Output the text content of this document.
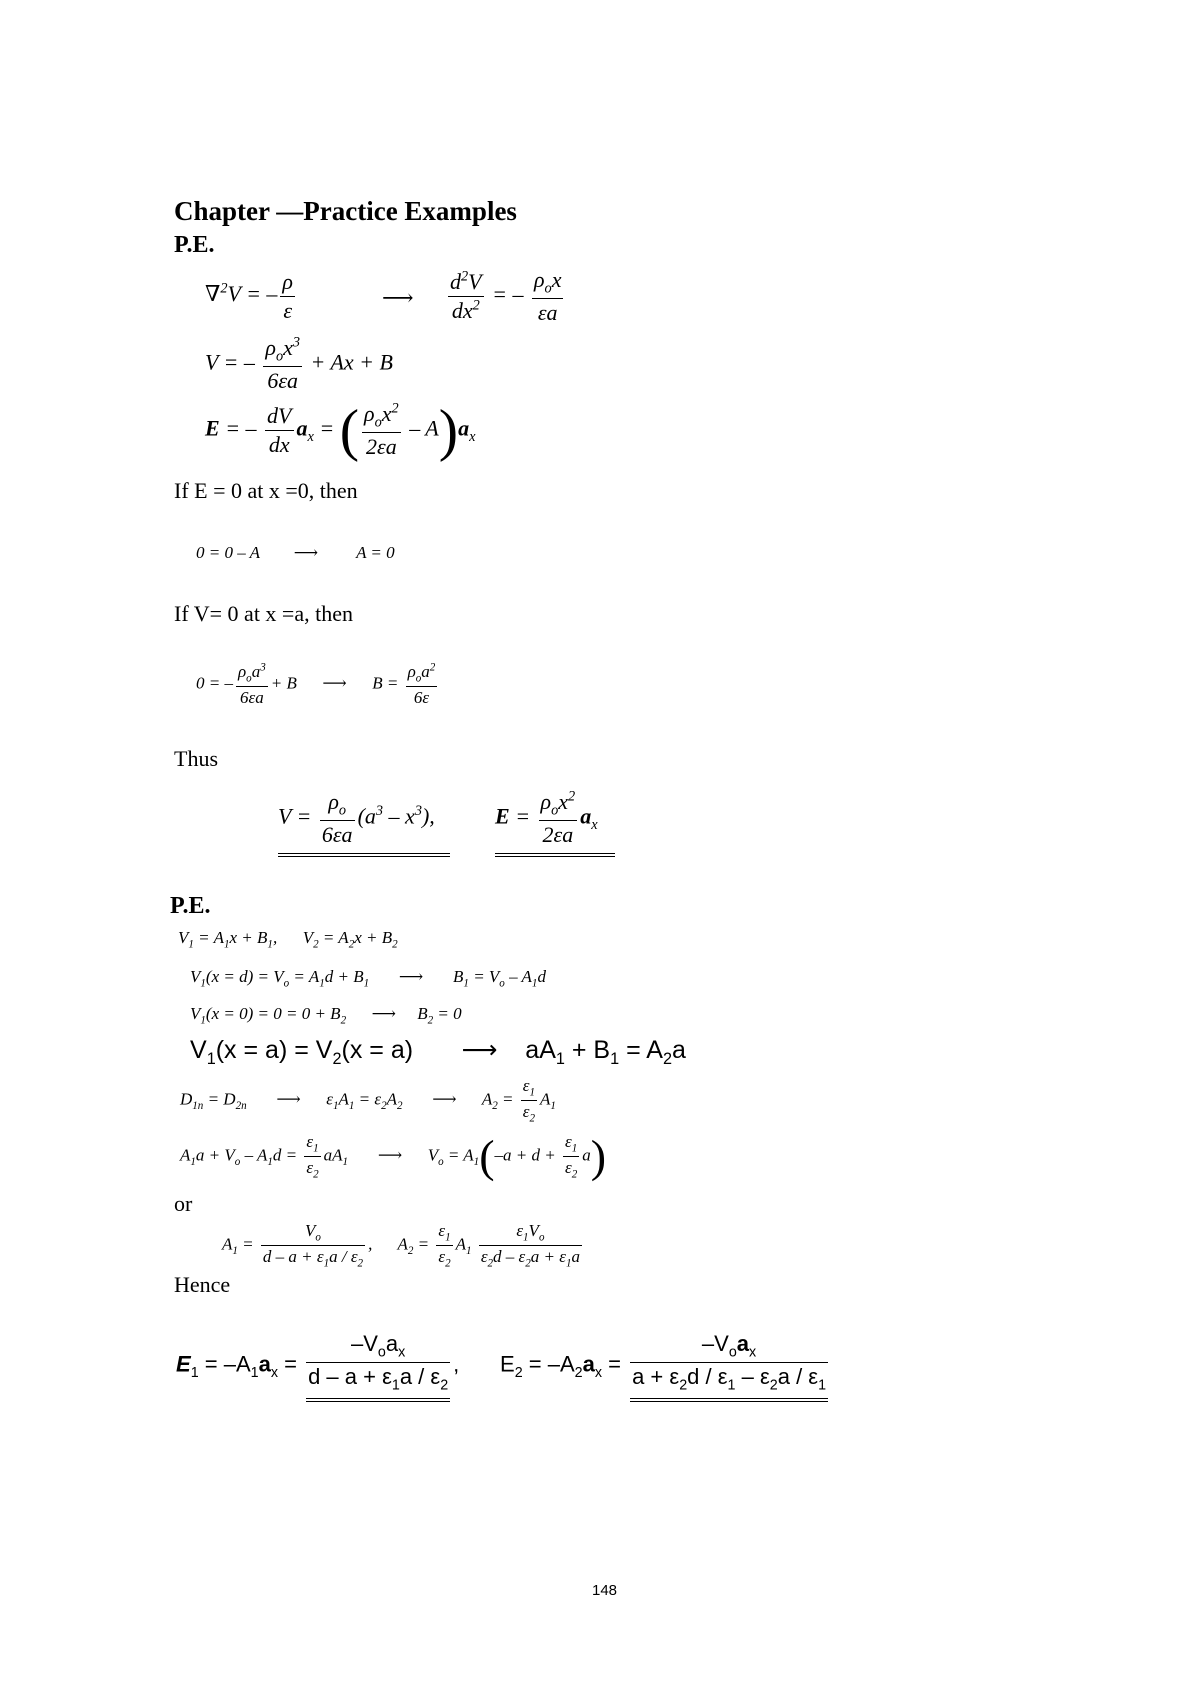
Chapter —Practice Examples
P.E.
∇$^2$V = – $\frac{\rho}{\varepsilon}$	⟶ $\frac{d^2V}{dx^2}$ = –
$\rho_ox$
εa
V = –
$\rho_ox^3$
6εa
+ Ax + B
E = – $\frac{dV}{dx} a_x$ = ( $\rho_ox^2$
2εa
– $A)a_x$
If E = 0 at x =0, then
0 = 0 – A        ⟶         A = 0
If V= 0 at x =a, then
0 = –
$\rho_oa^3$
6εa
+ B      ⟶      B =
$\rho_oa^2$
6ε
Thus
$V = \frac{\rho_o}{6\varepsilon a} (a^3 - x^3)$,	E =
$\rho_ox^2$
2εa
$a_x$
P.E.
$V_1 = A_1x + B_1$,      $V_2 = A_2x + B_2$
$V_1(x = d) = V_o = A_1d + B_1$ ⟶       $B_1 = V_o - A_1d$
$V_1(x = 0) = 0 = 0 + B_2$ ⟶     $B_2 = 0$
$V_1(x = a) = V_2(x = a)$       ⟶    $aA_1 + B_1 = A_2a$
$D_{1n} = D_{2n}$ ⟶      $\varepsilon_1A_1 = \varepsilon_2A_2$ ⟶      $A_2 = \frac{\varepsilon_1}{\varepsilon_2} A_1$
$A_1a + V_o - A_1d = \frac{\varepsilon_1}{\varepsilon_2} aA_1$ ⟶      $V_o = A_1(-a + d + \frac{\varepsilon_1}{\varepsilon_2} a)$
or
$A_1 = \frac{V_o}{d - a + \varepsilon_1a / \varepsilon_2}$ ,      $A_2 = \frac{\varepsilon_1}{\varepsilon_2} A_1 \frac{\varepsilon_1V_o}{\varepsilon_2d - \varepsilon_2a + \varepsilon_1a}$
Hence
$E_1 = -A_1a_x$ =
$-V_oa_x$
$d - a + \varepsilon_1a / \varepsilon_2$
, $E_2 = -A_2a_x$ =
$-V_oa_x$
$a + \varepsilon_2d / \varepsilon_1 - \varepsilon_2a / \varepsilon_1$
148
